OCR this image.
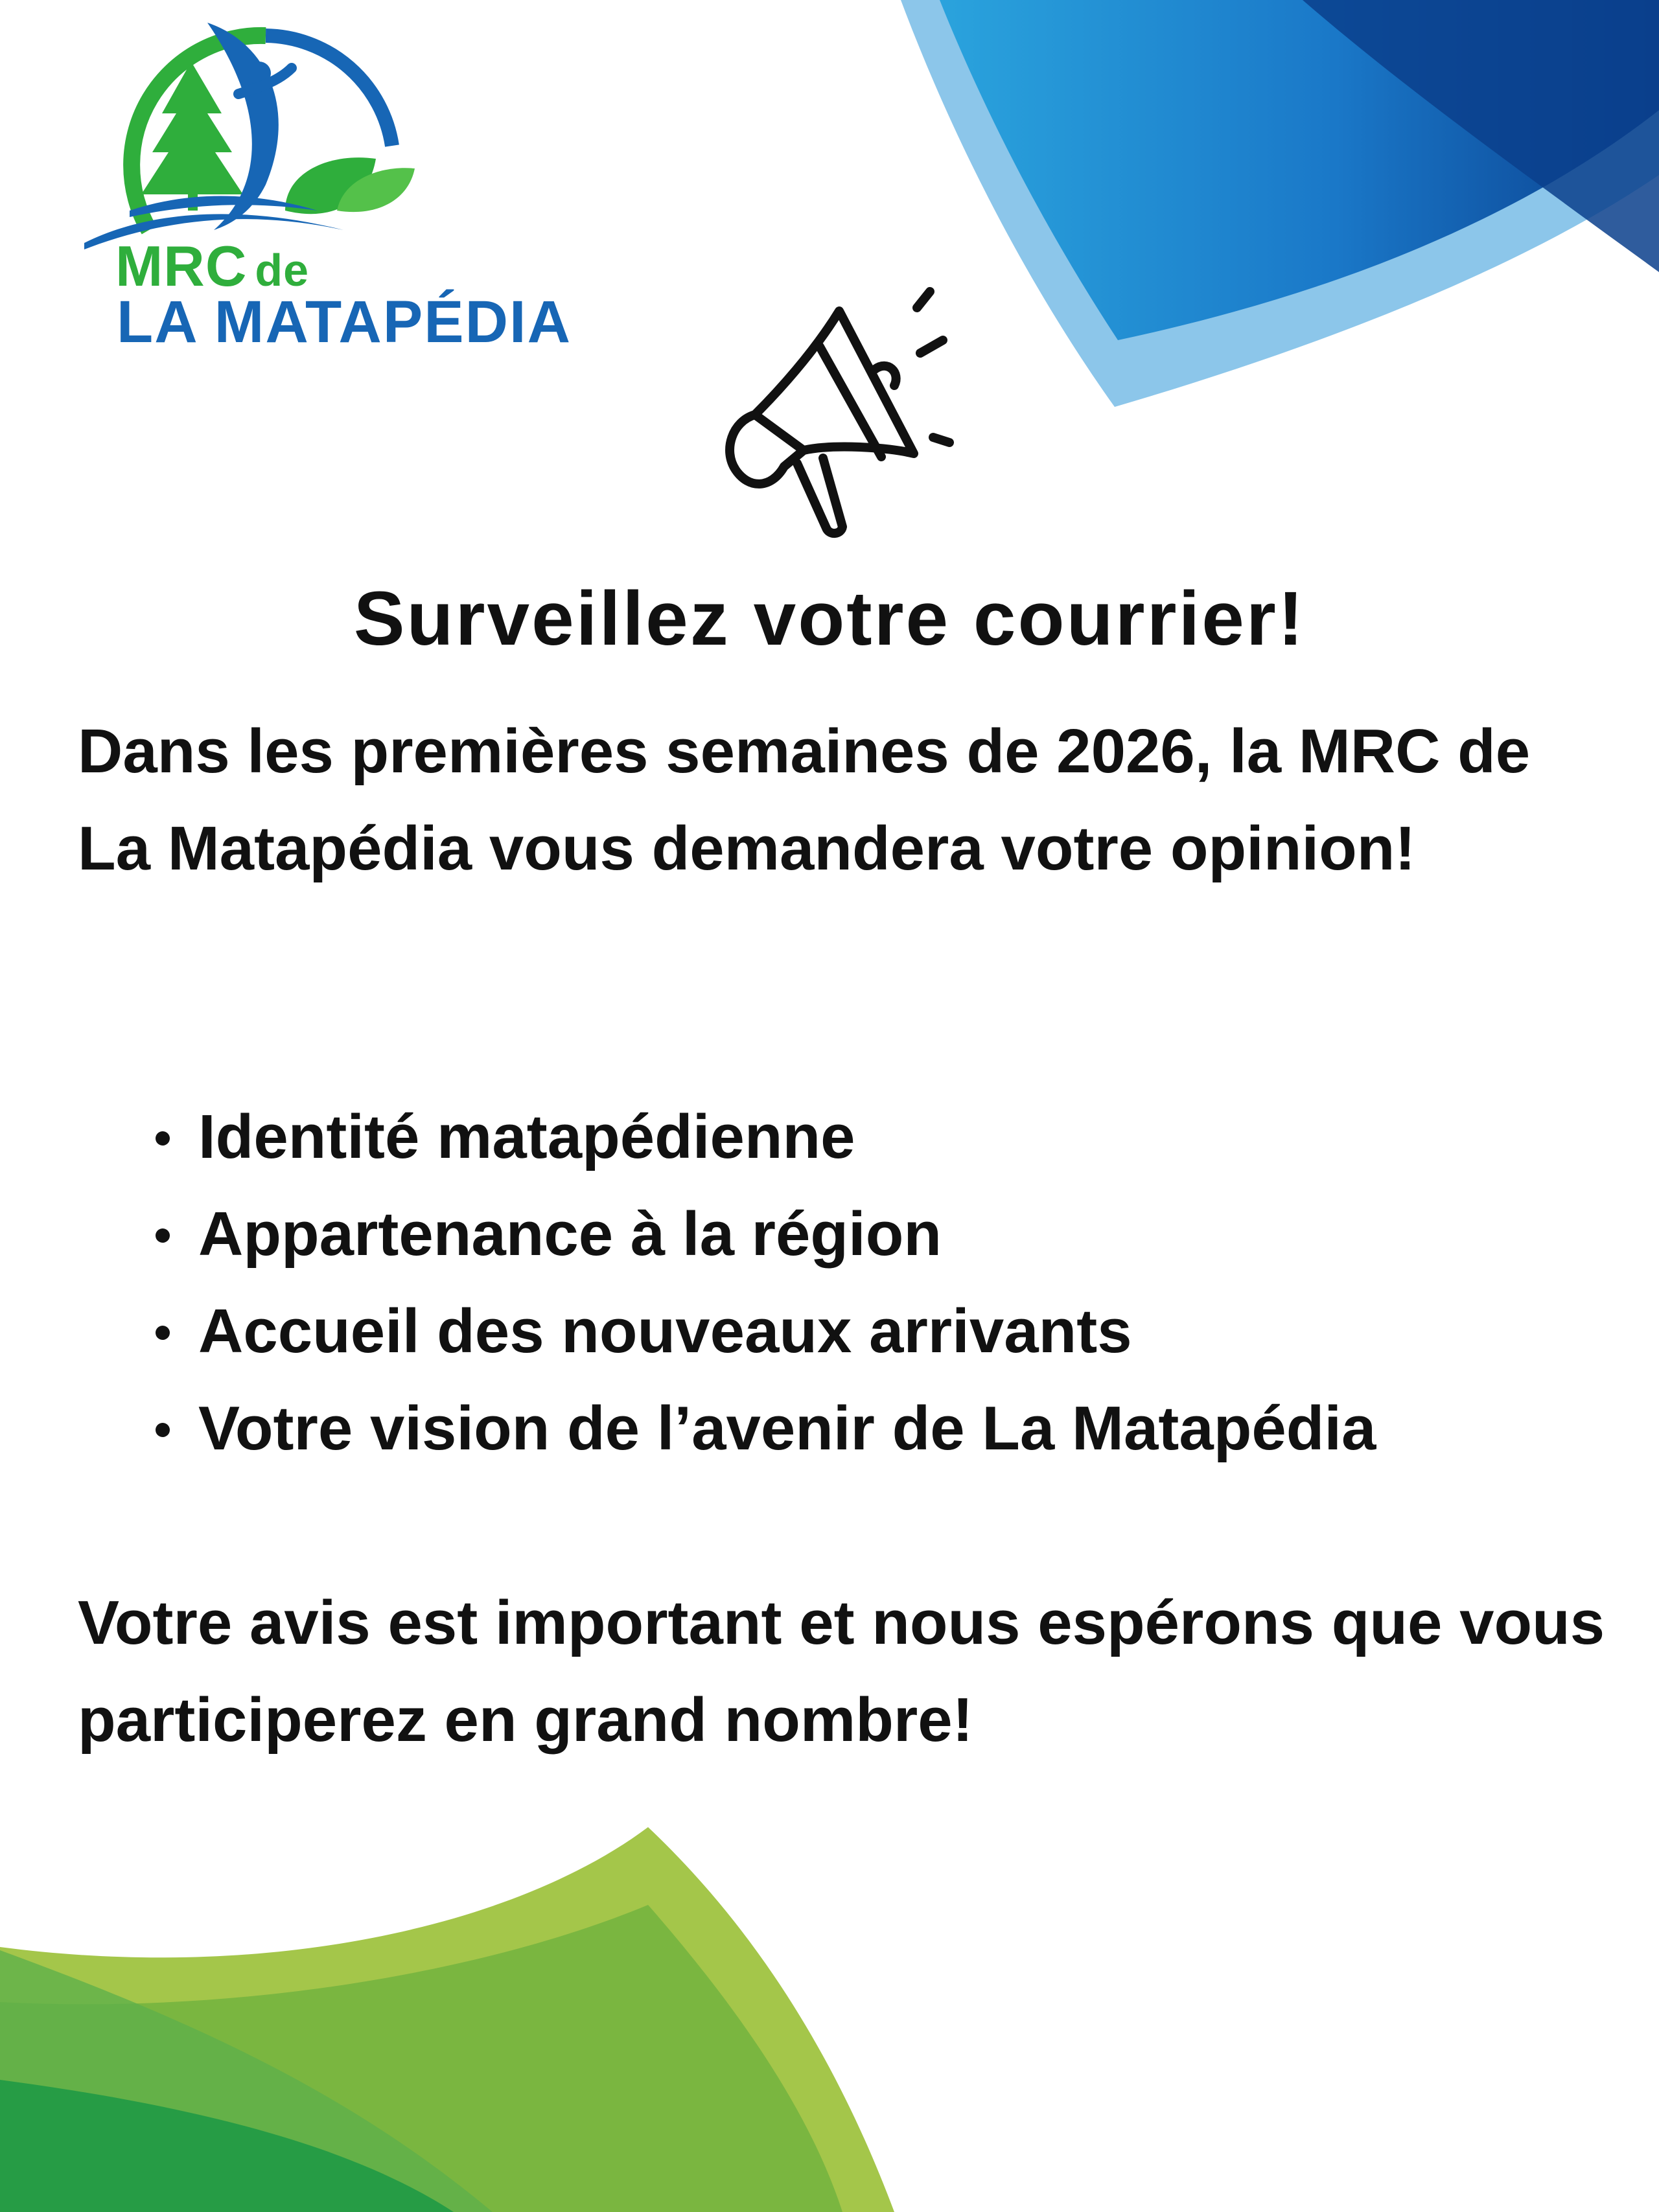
MRC de
LA MATAPÉDIA
Surveillez votre courrier!

Dans les premières semaines de 2026, la MRC de La Matapédia vous demandera votre opinion!

Identité matapédienne
Appartenance à la région
Accueil des nouveaux arrivants
Votre vision de l’avenir de La Matapédia

Votre avis est important et nous espérons que vous participerez en grand nombre!
